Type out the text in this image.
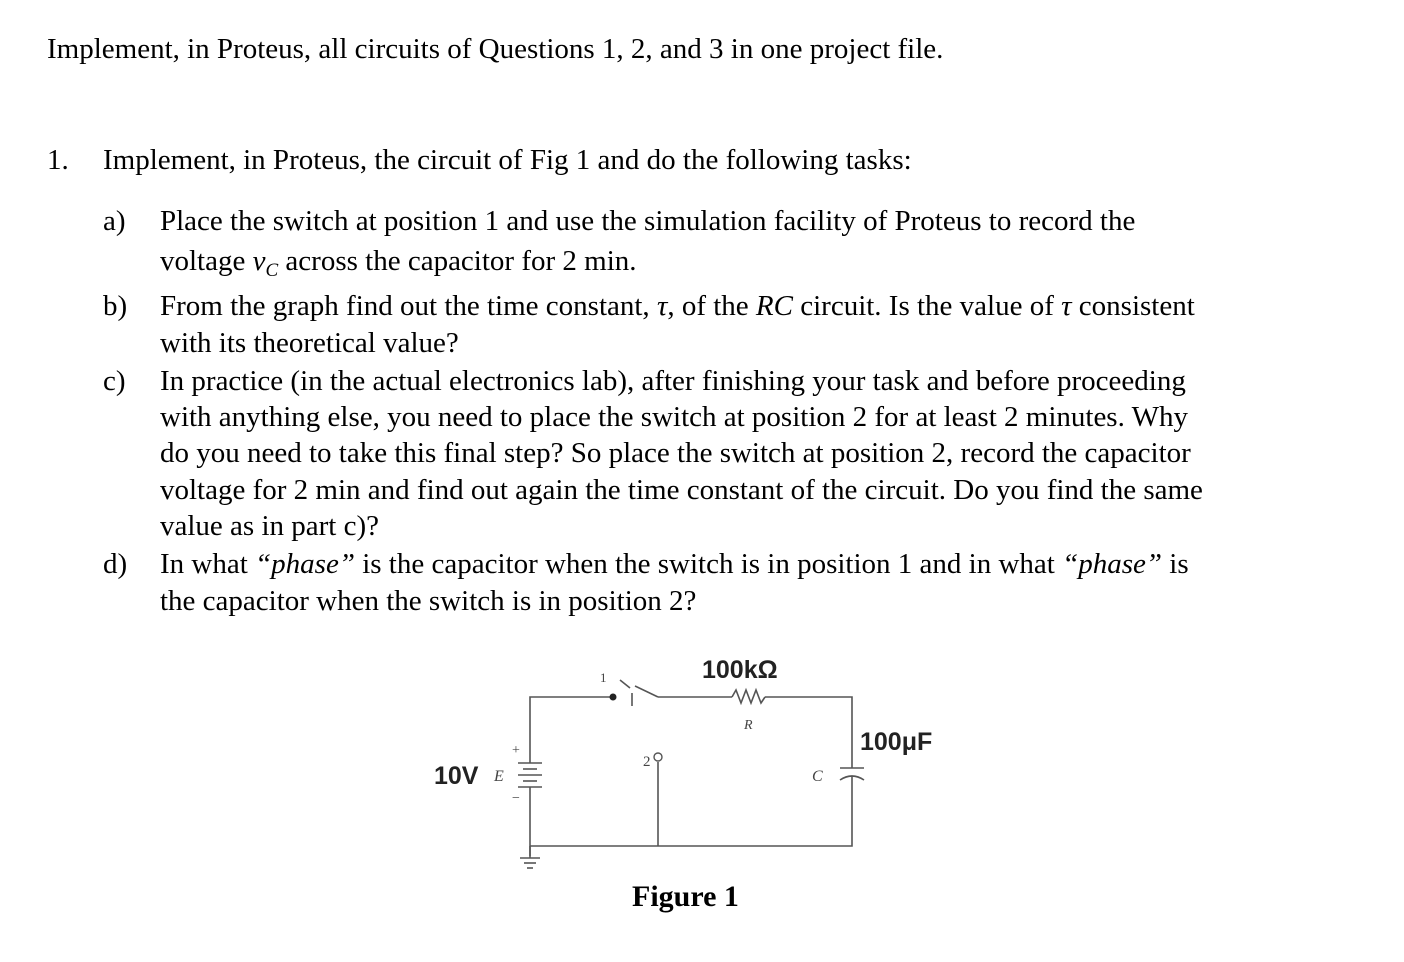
Implement, in Proteus, all circuits of Questions 1, 2, and 3 in one project file.
1. Implement, in Proteus, the circuit of Fig 1 and do the following tasks:
a) Place the switch at position 1 and use the simulation facility of Proteus to record the
voltage $v_C$ across the capacitor for 2 min.
b) From the graph find out the time constant, τ, of the RC circuit. Is the value of τ consistent
with its theoretical value?
c) In practice (in the actual electronics lab), after finishing your task and before proceeding
with anything else, you need to place the switch at position 2 for at least 2 minutes. Why
do you need to take this final step? So place the switch at position 2, record the capacitor
voltage for 2 min and find out again the time constant of the circuit. Do you find the same
value as in part c)?
d) In what “phase” is the capacitor when the switch is in position 1 and in what “phase” is
the capacitor when the switch is in position 2?
100kΩ
R
100μF
C
10V E
+
−
1
2
Figure 1
